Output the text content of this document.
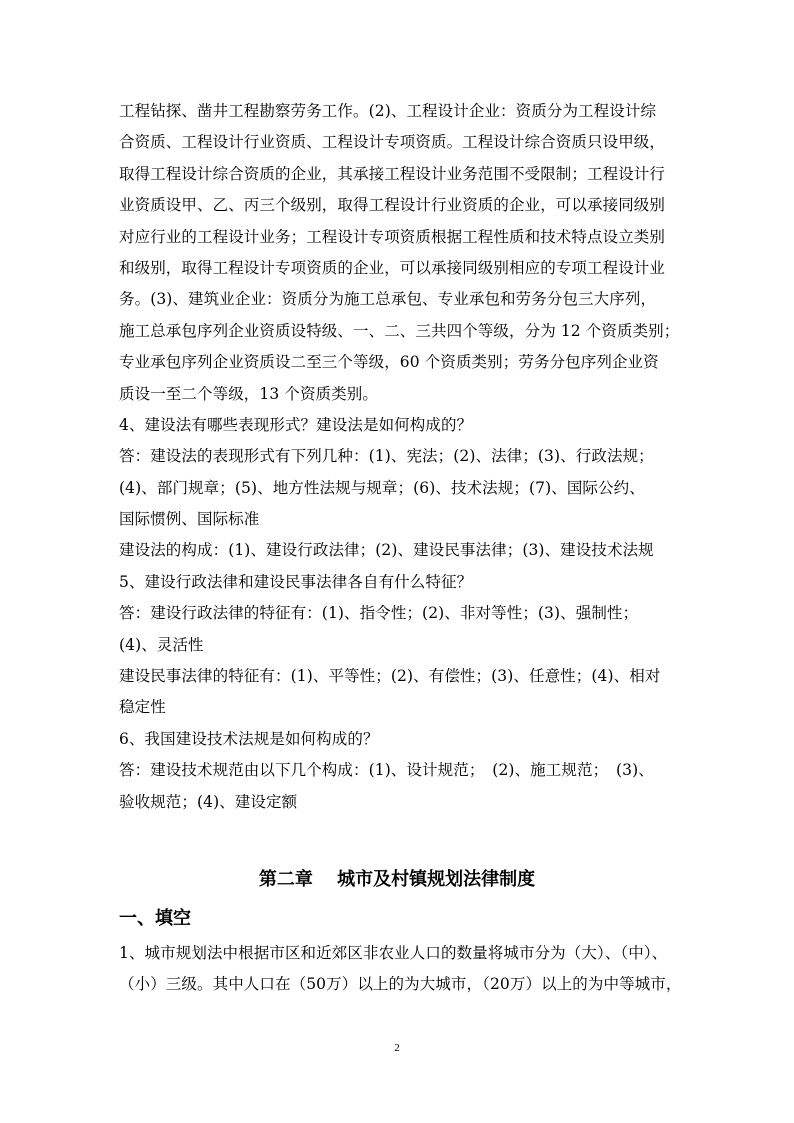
工程钻探、凿井工程勘察劳务工作。(2)、工程设计企业：资质分为工程设计综
合资质、工程设计行业资质、工程设计专项资质。工程设计综合资质只设甲级，
取得工程设计综合资质的企业，其承接工程设计业务范围不受限制；工程设计行
业资质设甲、乙、丙三个级别，取得工程设计行业资质的企业，可以承接同级别
对应行业的工程设计业务；工程设计专项资质根据工程性质和技术特点设立类别
和级别，取得工程设计专项资质的企业，可以承接同级别相应的专项工程设计业
务。(3)、建筑业企业：资质分为施工总承包、专业承包和劳务分包三大序列，
施工总承包序列企业资质设特级、一、二、三共四个等级，分为 12 个资质类别；
专业承包序列企业资质设二至三个等级，60 个资质类别；劳务分包序列企业资
质设一至二个等级，13 个资质类别。
4、建设法有哪些表现形式？建设法是如何构成的？
答：建设法的表现形式有下列几种：(1)、宪法；(2)、法律；(3)、行政法规；
(4)、部门规章；(5)、地方性法规与规章；(6)、技术法规；(7)、国际公约、
国际惯例、国际标准
建设法的构成：(1)、建设行政法律；(2)、建设民事法律；(3)、建设技术法规
5、建设行政法律和建设民事法律各自有什么特征？
答：建设行政法律的特征有：(1)、指令性；(2)、非对等性；(3)、强制性；
(4)、灵活性
建设民事法律的特征有：(1)、平等性；(2)、有偿性；(3)、任意性；(4)、相对
稳定性
6、我国建设技术法规是如何构成的？
答：建设技术规范由以下几个构成：(1)、设计规范；　(2)、施工规范；　(3)、
验收规范；(4)、建设定额
第二章　 城市及村镇规划法律制度
一、填空
1、城市规划法中根据市区和近郊区非农业人口的数量将城市分为（大）、（中）、
（小）三级。其中人口在（50万）以上的为大城市，（20万）以上的为中等城市，
2
